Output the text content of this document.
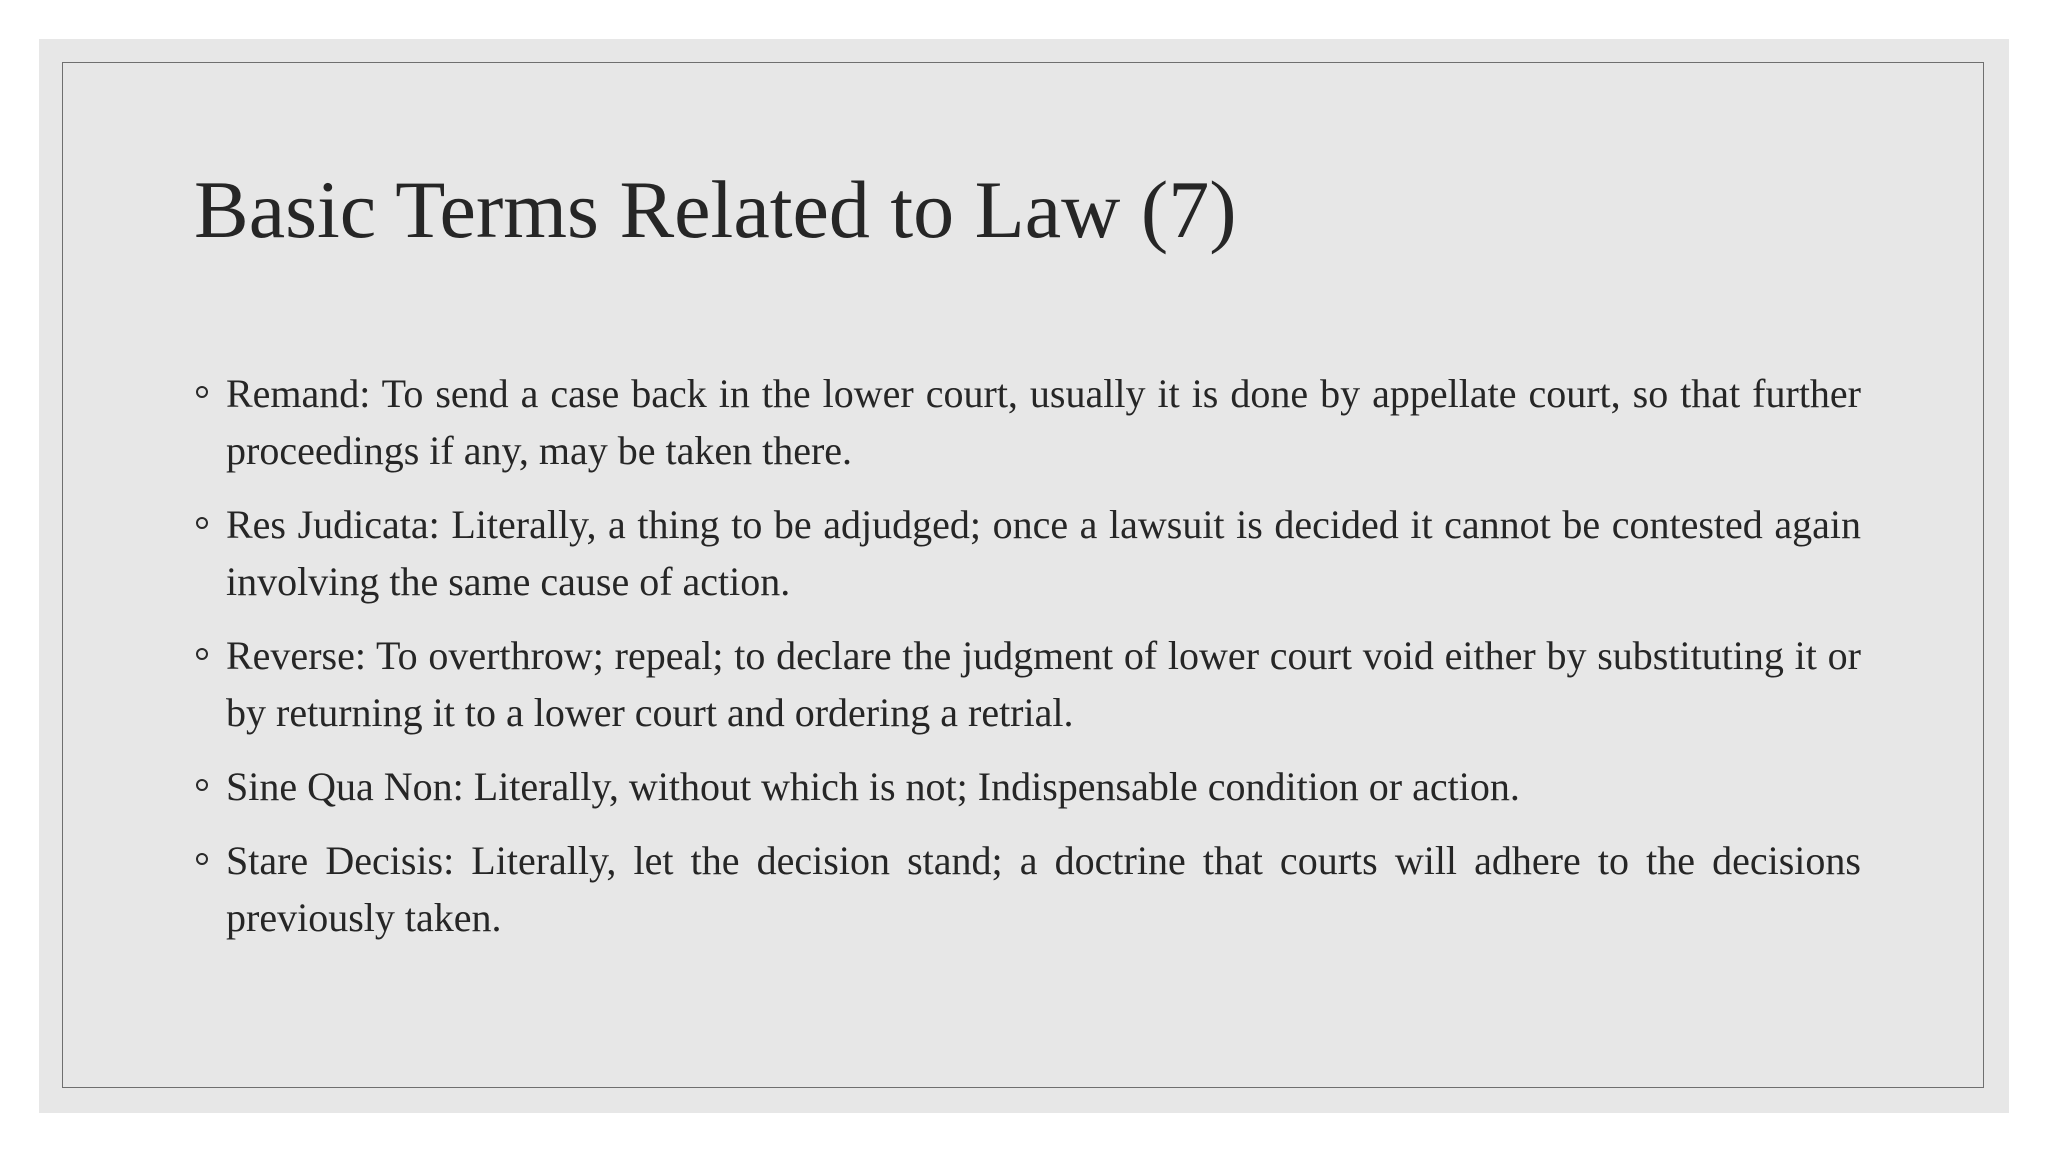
Basic Terms Related to Law (7)
Remand: To send a case back in the lower court, usually it is done by appellate court, so that further proceedings if any, may be taken there.
Res Judicata: Literally, a thing to be adjudged; once a lawsuit is decided it cannot be contested again involving the same cause of action.
Reverse: To overthrow; repeal; to declare the judgment of lower court void either by substituting it or by returning it to a lower court and ordering a retrial.
Sine Qua Non: Literally, without which is not; Indispensable condition or action.
Stare Decisis: Literally, let the decision stand; a doctrine that courts will adhere to the decisions previously taken.
